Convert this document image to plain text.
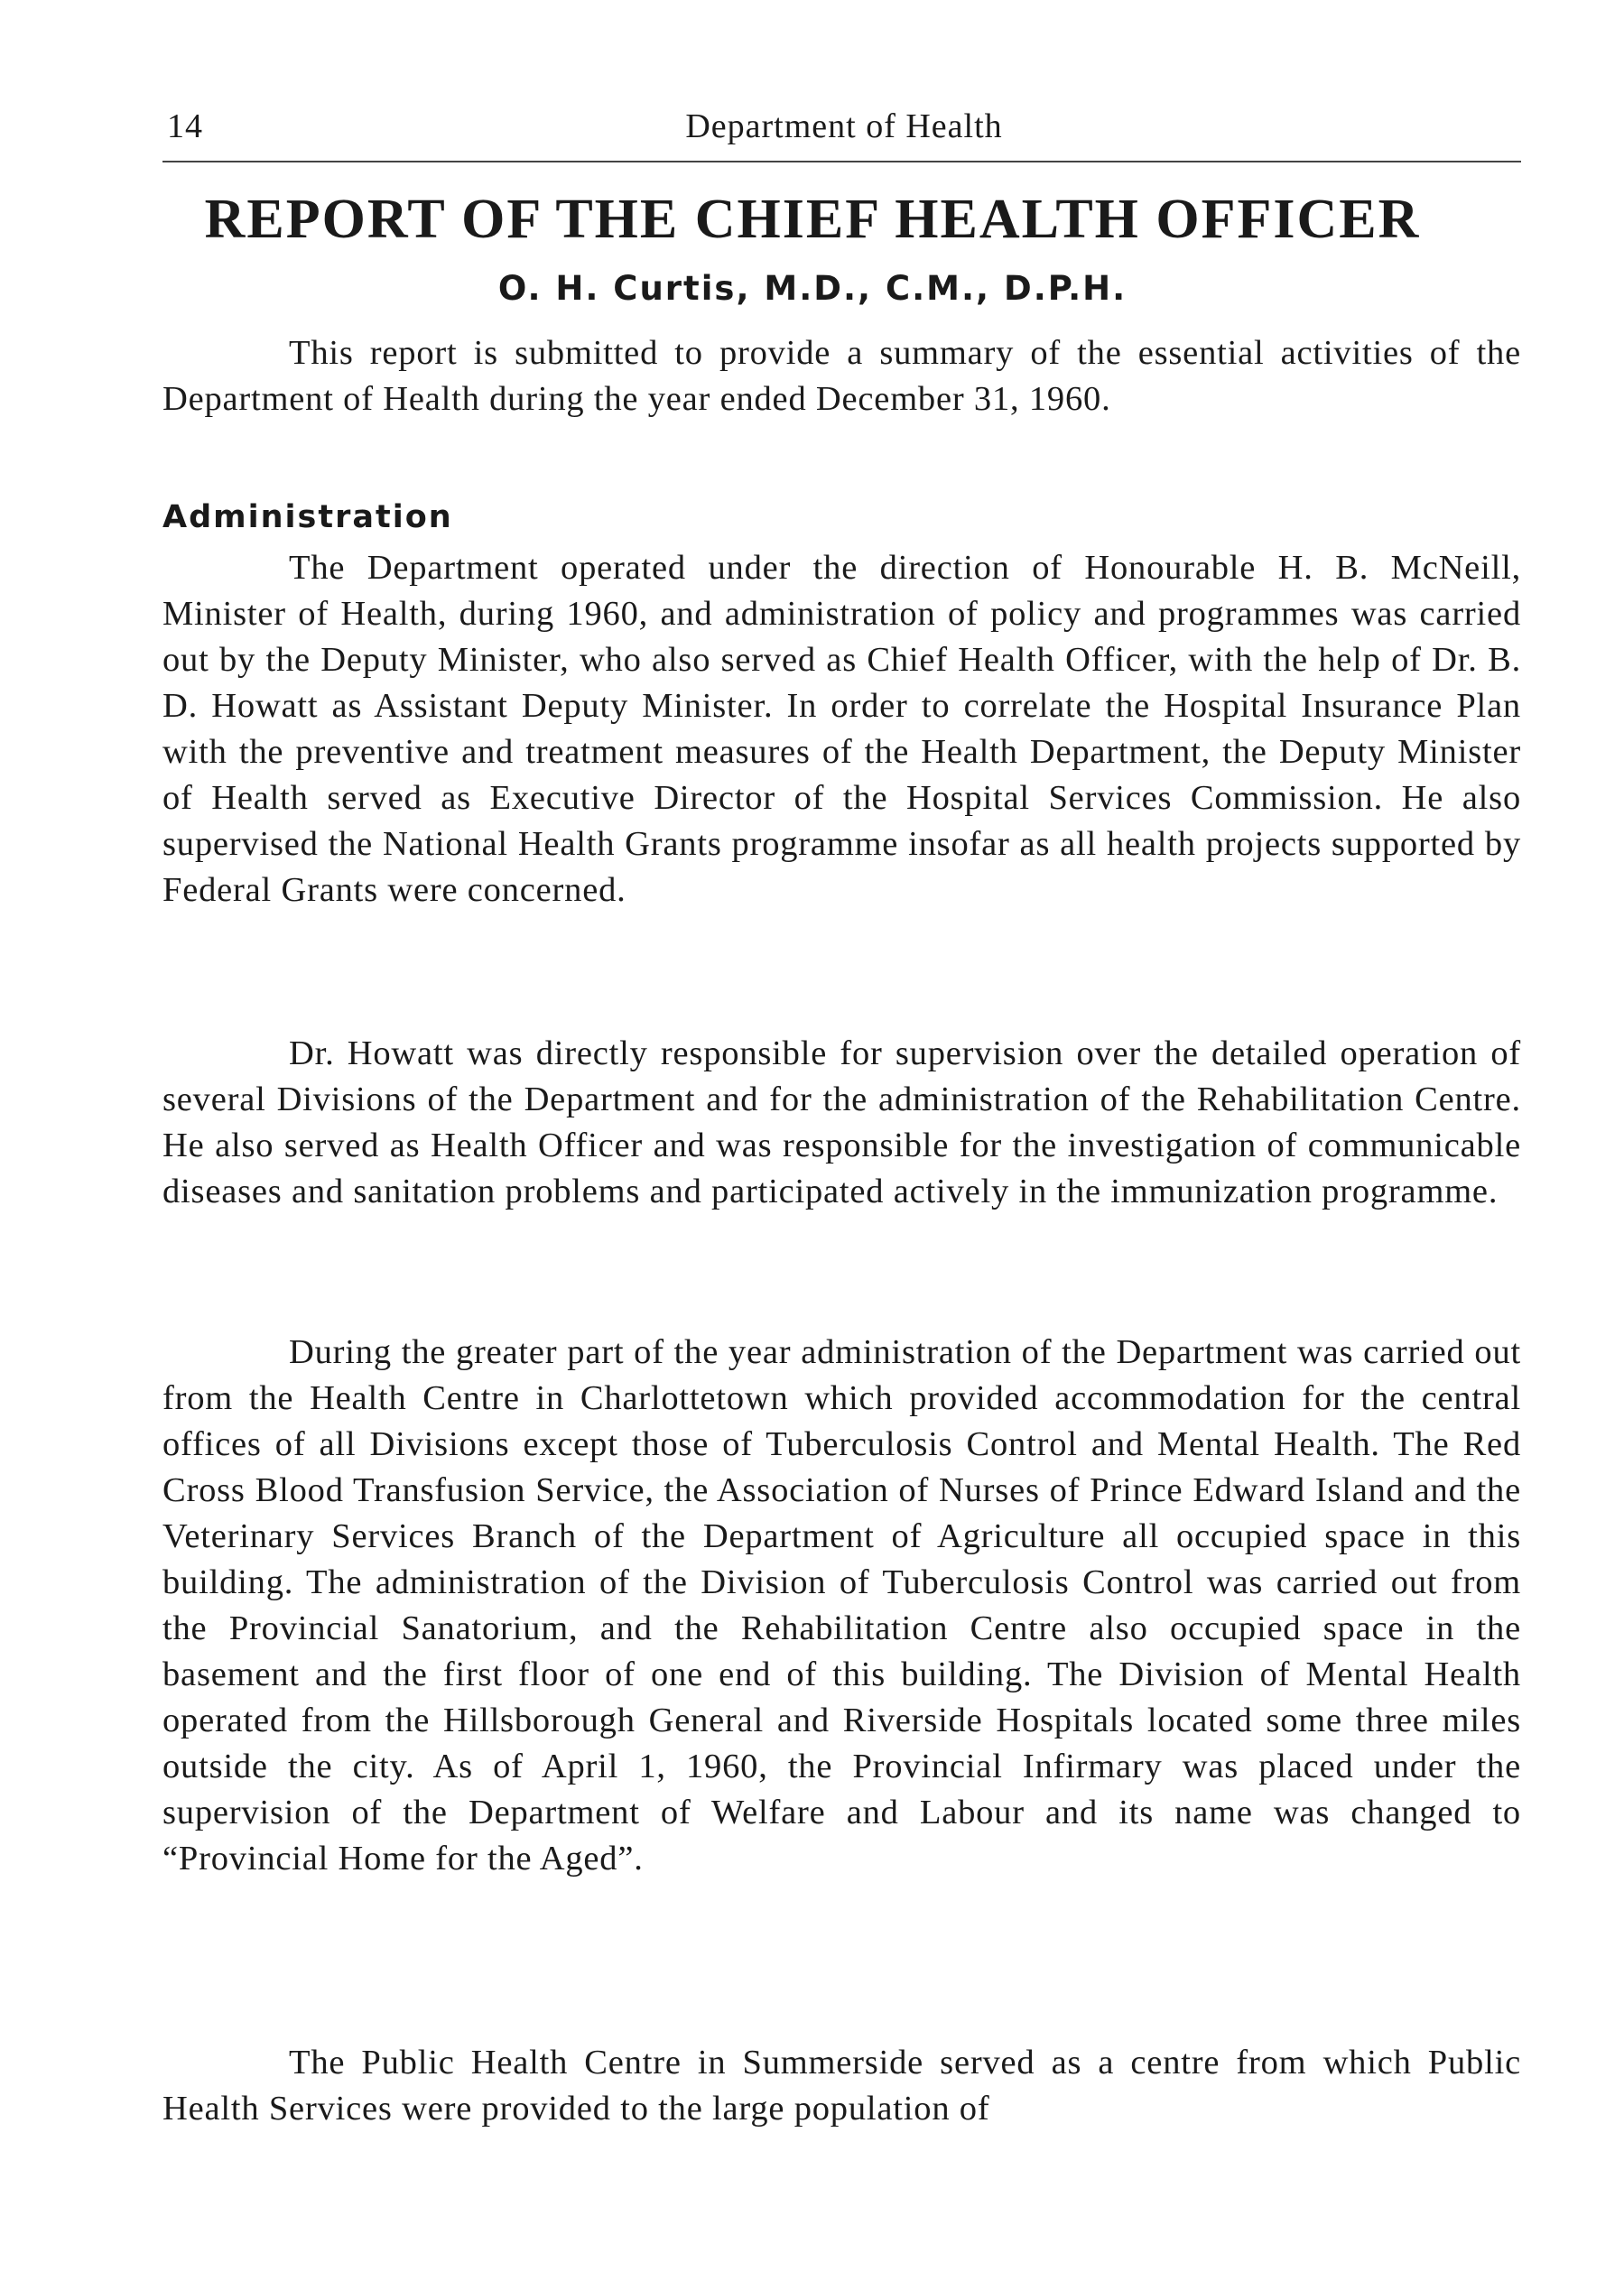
14	Department of Health
REPORT OF THE CHIEF HEALTH OFFICER
O. H. Curtis, M.D., C.M., D.P.H.

This report is submitted to provide a summary of the essential activities of the Department of Health during the year ended December 31, 1960.

Administration

The Department operated under the direction of Honourable H. B. McNeill, Minister of Health, during 1960, and administration of policy and programmes was carried out by the Deputy Minister, who also served as Chief Health Officer, with the help of Dr. B. D. Howatt as Assistant Deputy Minister. In order to correlate the Hospital Insurance Plan with the preventive and treatment measures of the Health Department, the Deputy Minister of Health served as Executive Director of the Hospital Services Commission. He also supervised the National Health Grants programme insofar as all health projects supported by Federal Grants were concerned.

Dr. Howatt was directly responsible for supervision over the detailed operation of several Divisions of the Department and for the administration of the Rehabilitation Centre. He also served as Health Officer and was responsible for the investigation of communicable diseases and sanitation problems and participated actively in the immunization programme.

During the greater part of the year administration of the Department was carried out from the Health Centre in Charlottetown which provided accommodation for the central offices of all Divisions except those of Tuberculosis Control and Mental Health. The Red Cross Blood Transfusion Service, the Association of Nurses of Prince Edward Island and the Veterinary Services Branch of the Department of Agriculture all occupied space in this building. The administration of the Division of Tuberculosis Control was carried out from the Provincial Sanatorium, and the Rehabilitation Centre also occupied space in the basement and the first floor of one end of this building. The Division of Mental Health operated from the Hillsborough General and Riverside Hospitals located some three miles outside the city. As of April 1, 1960, the Provincial Infirmary was placed under the supervision of the Department of Welfare and Labour and its name was changed to “Provincial Home for the Aged”.

The Public Health Centre in Summerside served as a centre from which Public Health Services were provided to the large population of
